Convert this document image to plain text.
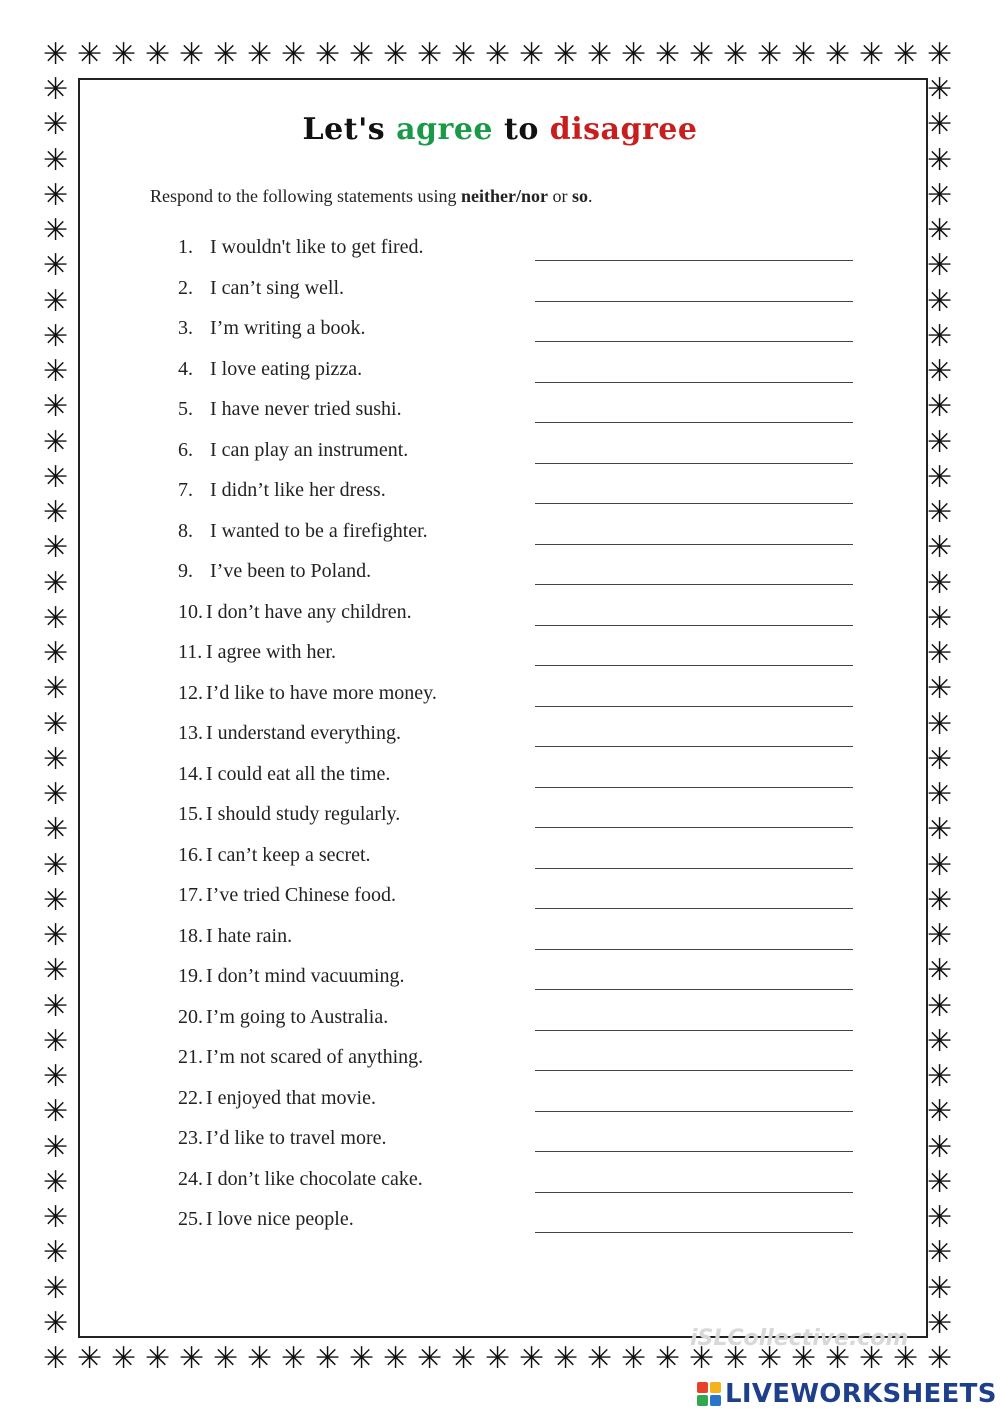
✳
✳
✳
✳
✳
✳
✳
✳
✳
✳
✳
✳
✳
✳
✳
✳
✳
✳
✳
✳
✳
✳
✳
✳
✳
✳
✳
✳
✳
✳
✳
✳
✳
✳
✳
✳
✳
✳
✳
✳
✳
✳
✳
✳
✳
✳
✳
✳
✳
✳
✳
✳
✳
✳
✳	✳
✳	✳
✳	✳
✳	✳
✳	✳
✳	✳
✳	✳
✳	✳
✳	✳
✳	✳
✳	✳
✳	✳
✳	✳
✳	✳
✳	✳
✳	✳
✳	✳
✳	✳
✳	✳
✳	✳
✳	✳
✳	✳
✳	✳
✳	✳
✳	✳
✳	✳
✳	✳
✳	✳
✳	✳
✳	✳
✳	✳
✳	✳
✳	✳
✳	✳
✳	✳
✳	✳
Let's agree to disagree
Respond to the following statements using neither/nor or so.
1. I wouldn't like to get fired.
2. I can’t sing well.
3. I’m writing a book.
4. I love eating pizza.
5. I have never tried sushi.
6. I can play an instrument.
7. I didn’t like her dress.
8. I wanted to be a firefighter.
9. I’ve been to Poland.
10. I don’t have any children.
11. I agree with her.
12. I’d like to have more money.
13. I understand everything.
14. I could eat all the time.
15. I should study regularly.
16. I can’t keep a secret.
17. I’ve tried Chinese food.
18. I hate rain.
19. I don’t mind vacuuming.
20. I’m going to Australia.
21. I’m not scared of anything.
22. I enjoyed that movie.
23. I’d like to travel more.
24. I don’t like chocolate cake.
25. I love nice people.
iSLCollective.com
LIVEWORKSHEETS
